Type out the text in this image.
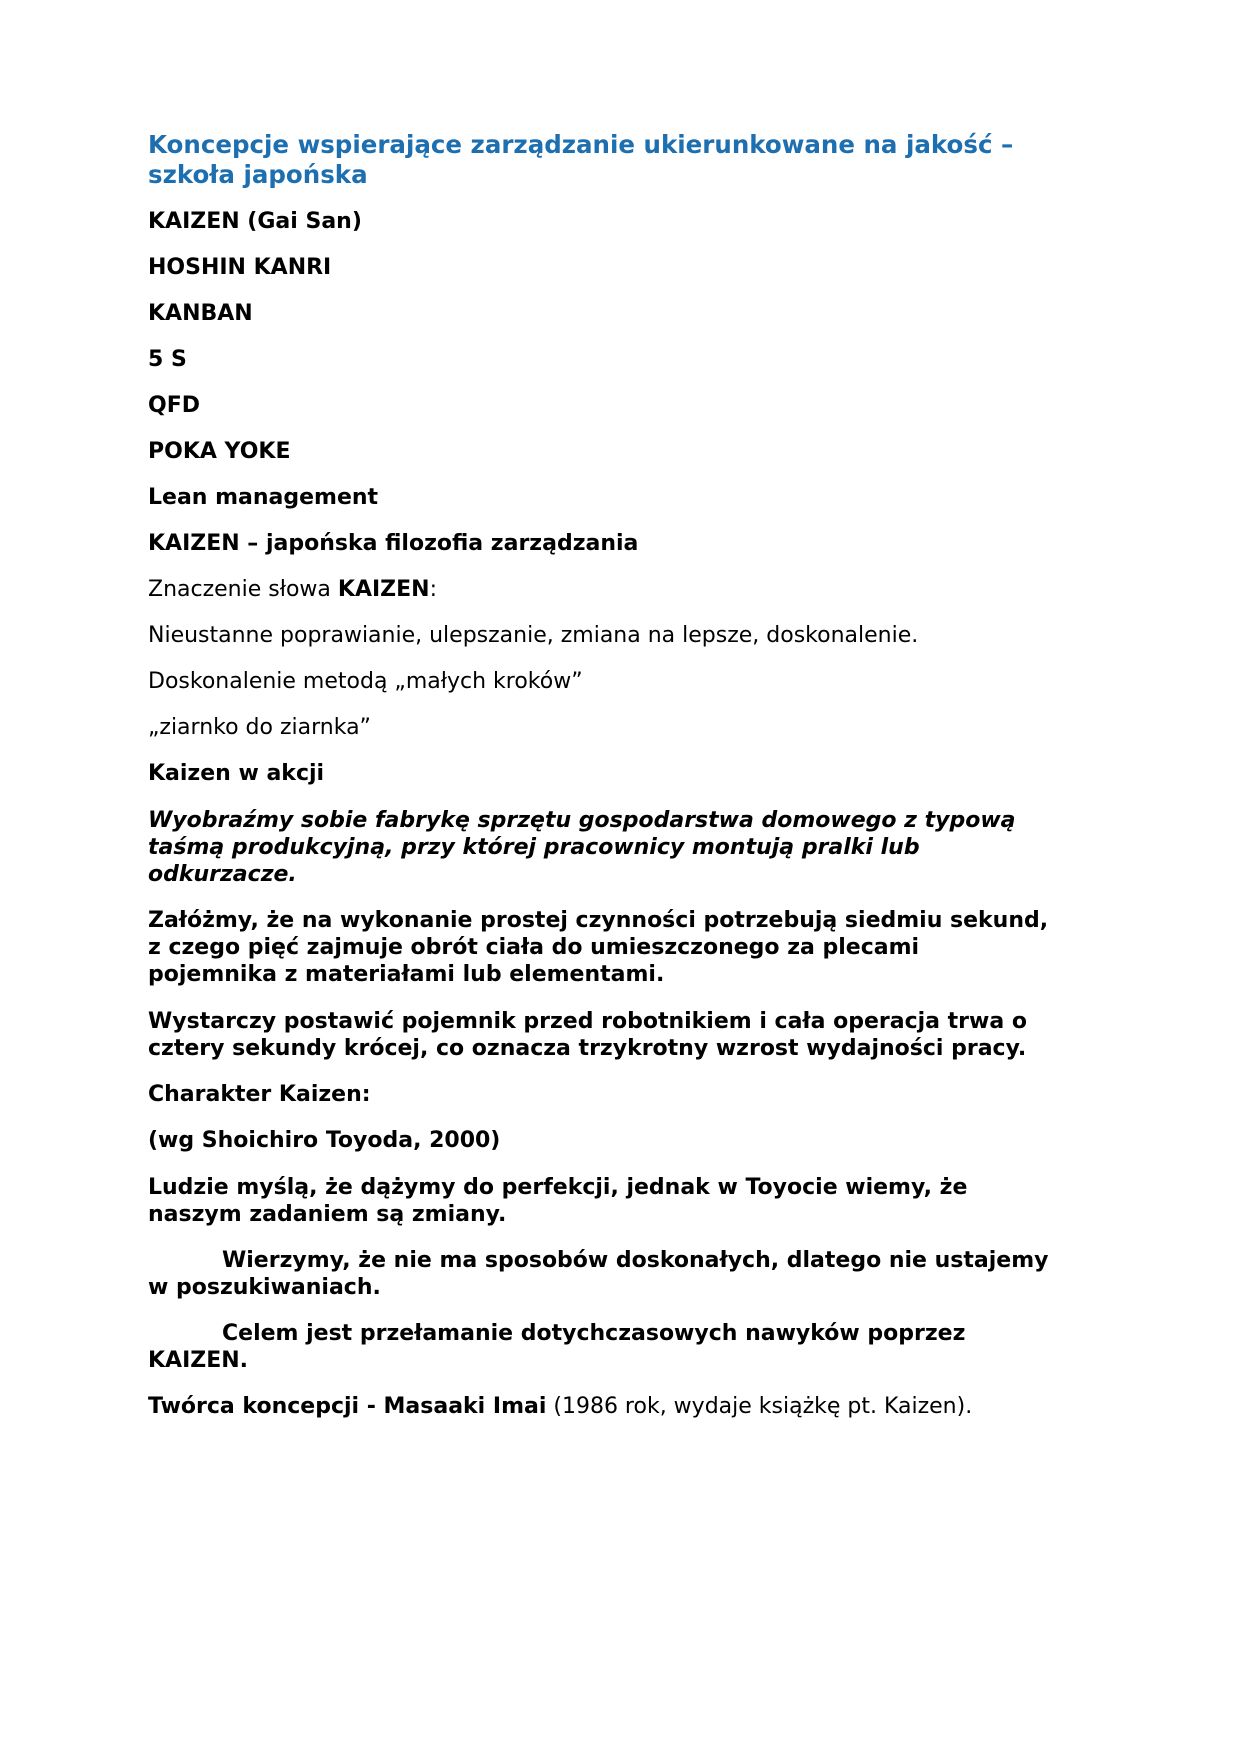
Koncepcje wspierające zarządzanie ukierunkowane na jakość –
szkoła japońska
KAIZEN (Gai San)
HOSHIN KANRI
KANBAN
5 S
QFD
POKA YOKE
Lean management
KAIZEN – japońska filozofia zarządzania
Znaczenie słowa KAIZEN:
Nieustanne poprawianie, ulepszanie, zmiana na lepsze, doskonalenie.
Doskonalenie metodą „małych kroków”
„ziarnko do ziarnka”
Kaizen w akcji
Wyobraźmy sobie fabrykę sprzętu gospodarstwa domowego z typową
taśmą produkcyjną, przy której pracownicy montują pralki lub
odkurzacze.
Załóżmy, że na wykonanie prostej czynności potrzebują siedmiu sekund,
z czego pięć zajmuje obrót ciała do umieszczonego za plecami
pojemnika z materiałami lub elementami.
Wystarczy postawić pojemnik przed robotnikiem i cała operacja trwa o
cztery sekundy krócej, co oznacza trzykrotny wzrost wydajności pracy.
Charakter Kaizen:
(wg Shoichiro Toyoda, 2000)
Ludzie myślą, że dążymy do perfekcji, jednak w Toyocie wiemy, że
naszym zadaniem są zmiany.
Wierzymy, że nie ma sposobów doskonałych, dlatego nie ustajemy
w poszukiwaniach.
Celem jest przełamanie dotychczasowych nawyków poprzez
KAIZEN.
Twórca koncepcji - Masaaki Imai (1986 rok, wydaje książkę pt. Kaizen).
